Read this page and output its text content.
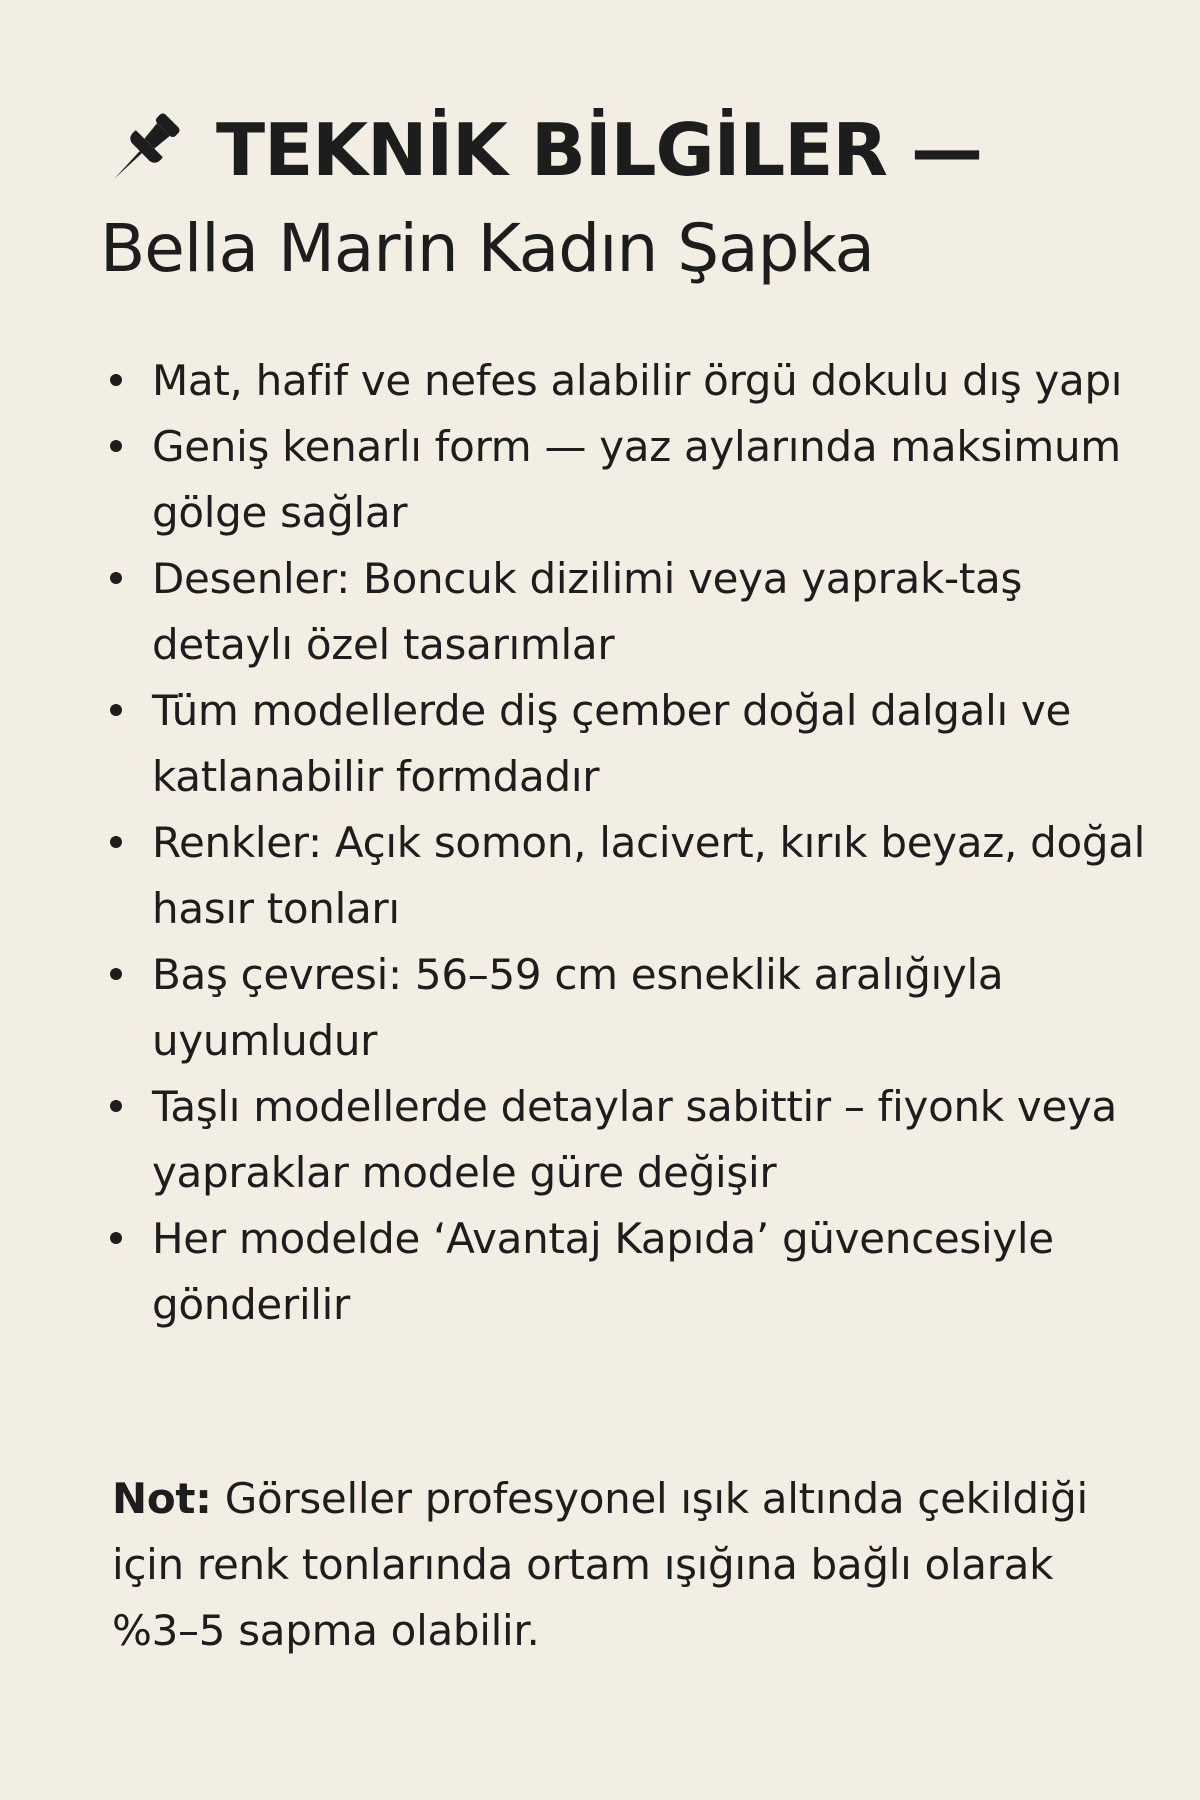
TEKNİK BİLGİLER —
Bella Marin Kadın Şapka
Mat, hafif ve nefes alabilir örgü dokulu dış yapı
Geniş kenarlı form — yaz aylarında maksimum gölge sağlar
Desenler: Boncuk dizilimi veya yaprak-taş detaylı özel tasarımlar
Tüm modellerde diş çember doğal dalgalı ve katlanabilir formdadır
Renkler: Açık somon, lacivert, kırık beyaz, doğal hasır tonları
Baş çevresi: 56–59 cm esneklik aralığıyla uyumludur
Taşlı modellerde detaylar sabittir – fiyonk veya yapraklar modele güre değişir
Her modelde ‘Avantaj Kapıda’ güvencesiyle gönderilir
Not: Görseller profesyonel ışık altında çekildiği için renk tonlarında ortam ışığına bağlı olarak %3–5 sapma olabilir.
